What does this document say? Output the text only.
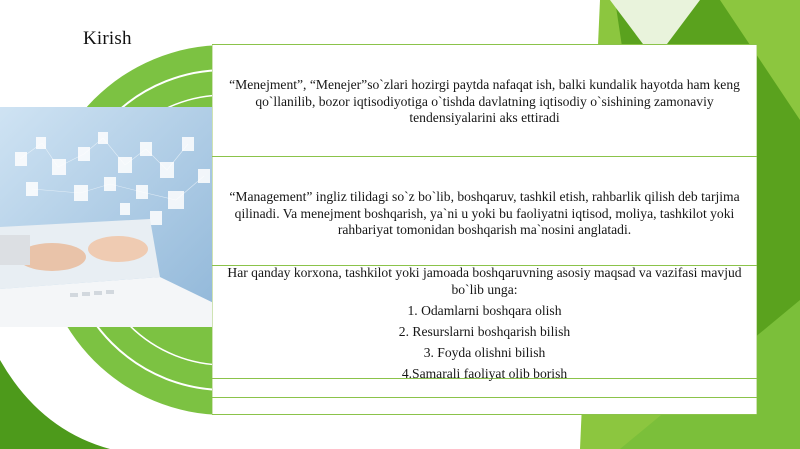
Kirish
“Menejment”, “Menejer”so`zlari hozirgi paytda nafaqat ish, balki kundalik hayotda ham keng qo`llanilib, bozor iqtisodiyotiga o`tishda davlatning iqtisodiy o`sishining zamonaviy tendensiyalarini aks ettiradi
“Management” ingliz tilidagi so`z bo`lib, boshqaruv, tashkil etish, rahbarlik qilish deb tarjima qilinadi. Va menejment boshqarish, ya`ni u yoki bu faoliyatni iqtisod, moliya, tashkilot yoki rahbariyat tomonidan boshqarish ma`nosini anglatadi.
Har qanday korxona, tashkilot yoki jamoada boshqaruvning asosiy maqsad va vazifasi mavjud bo`lib unga:
1. Odamlarni boshqara olish
2. Resurslarni boshqarish bilish
3. Foyda olishni bilish
4.Samarali faoliyat olib borish
